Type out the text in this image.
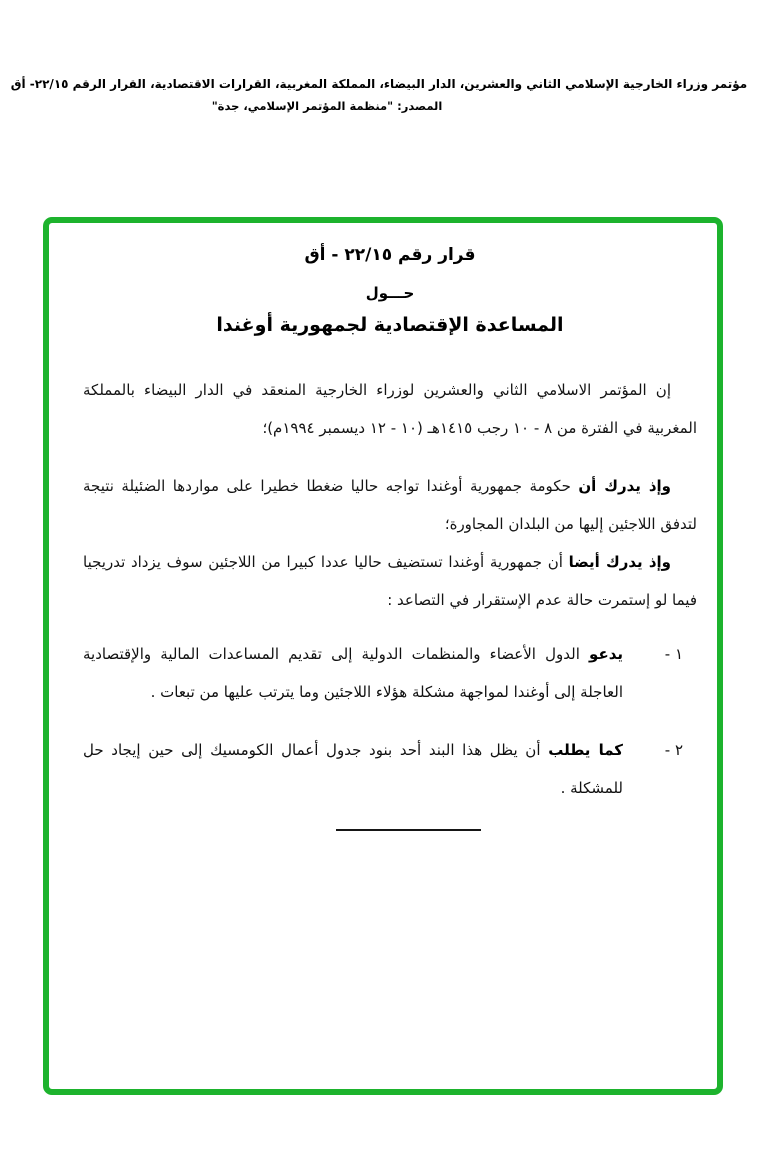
مؤتمر وزراء الخارجية الإسلامي الثاني والعشرين، الدار البيضاء، المملكة المغربية، القرارات الاقتصادية، القرار الرقم ٢٢/١٥- أق
المصدر: "منظمة المؤتمر الإسلامي، جدة"
قرار رقم ٢٢/١٥ - أق
حـــول
المساعدة الإقتصادية لجمهورية أوغندا

إن المؤتمر الاسلامي الثاني والعشرين لوزراء الخارجية المنعقد في الدار البيضاء بالمملكة المغربية في الفترة من ٨ - ١٠ رجب ١٤١٥هـ (١٠ - ١٢ ديسمبر ١٩٩٤م)؛

وإذ يدرك أن حكومة جمهورية أوغندا تواجه حاليا ضغطا خطيرا على مواردها الضئيلة نتيجة لتدفق اللاجئين إليها من البلدان المجاورة؛

وإذ يدرك أيضا أن جمهورية أوغندا تستضيف حاليا عددا كبيرا من اللاجئين سوف يزداد تدريجيا فيما لو إستمرت حالة عدم الإستقرار في التصاعد :

١ -

يدعو الدول الأعضاء والمنظمات الدولية إلى تقديم المساعدات المالية والإقتصادية العاجلة إلى أوغندا لمواجهة مشكلة هؤلاء اللاجئين وما يترتب عليها من تبعات .

٢ -

كما يطلب أن يظل هذا البند أحد بنود جدول أعمال الكومسيك إلى حين إيجاد حل للمشكلة .
